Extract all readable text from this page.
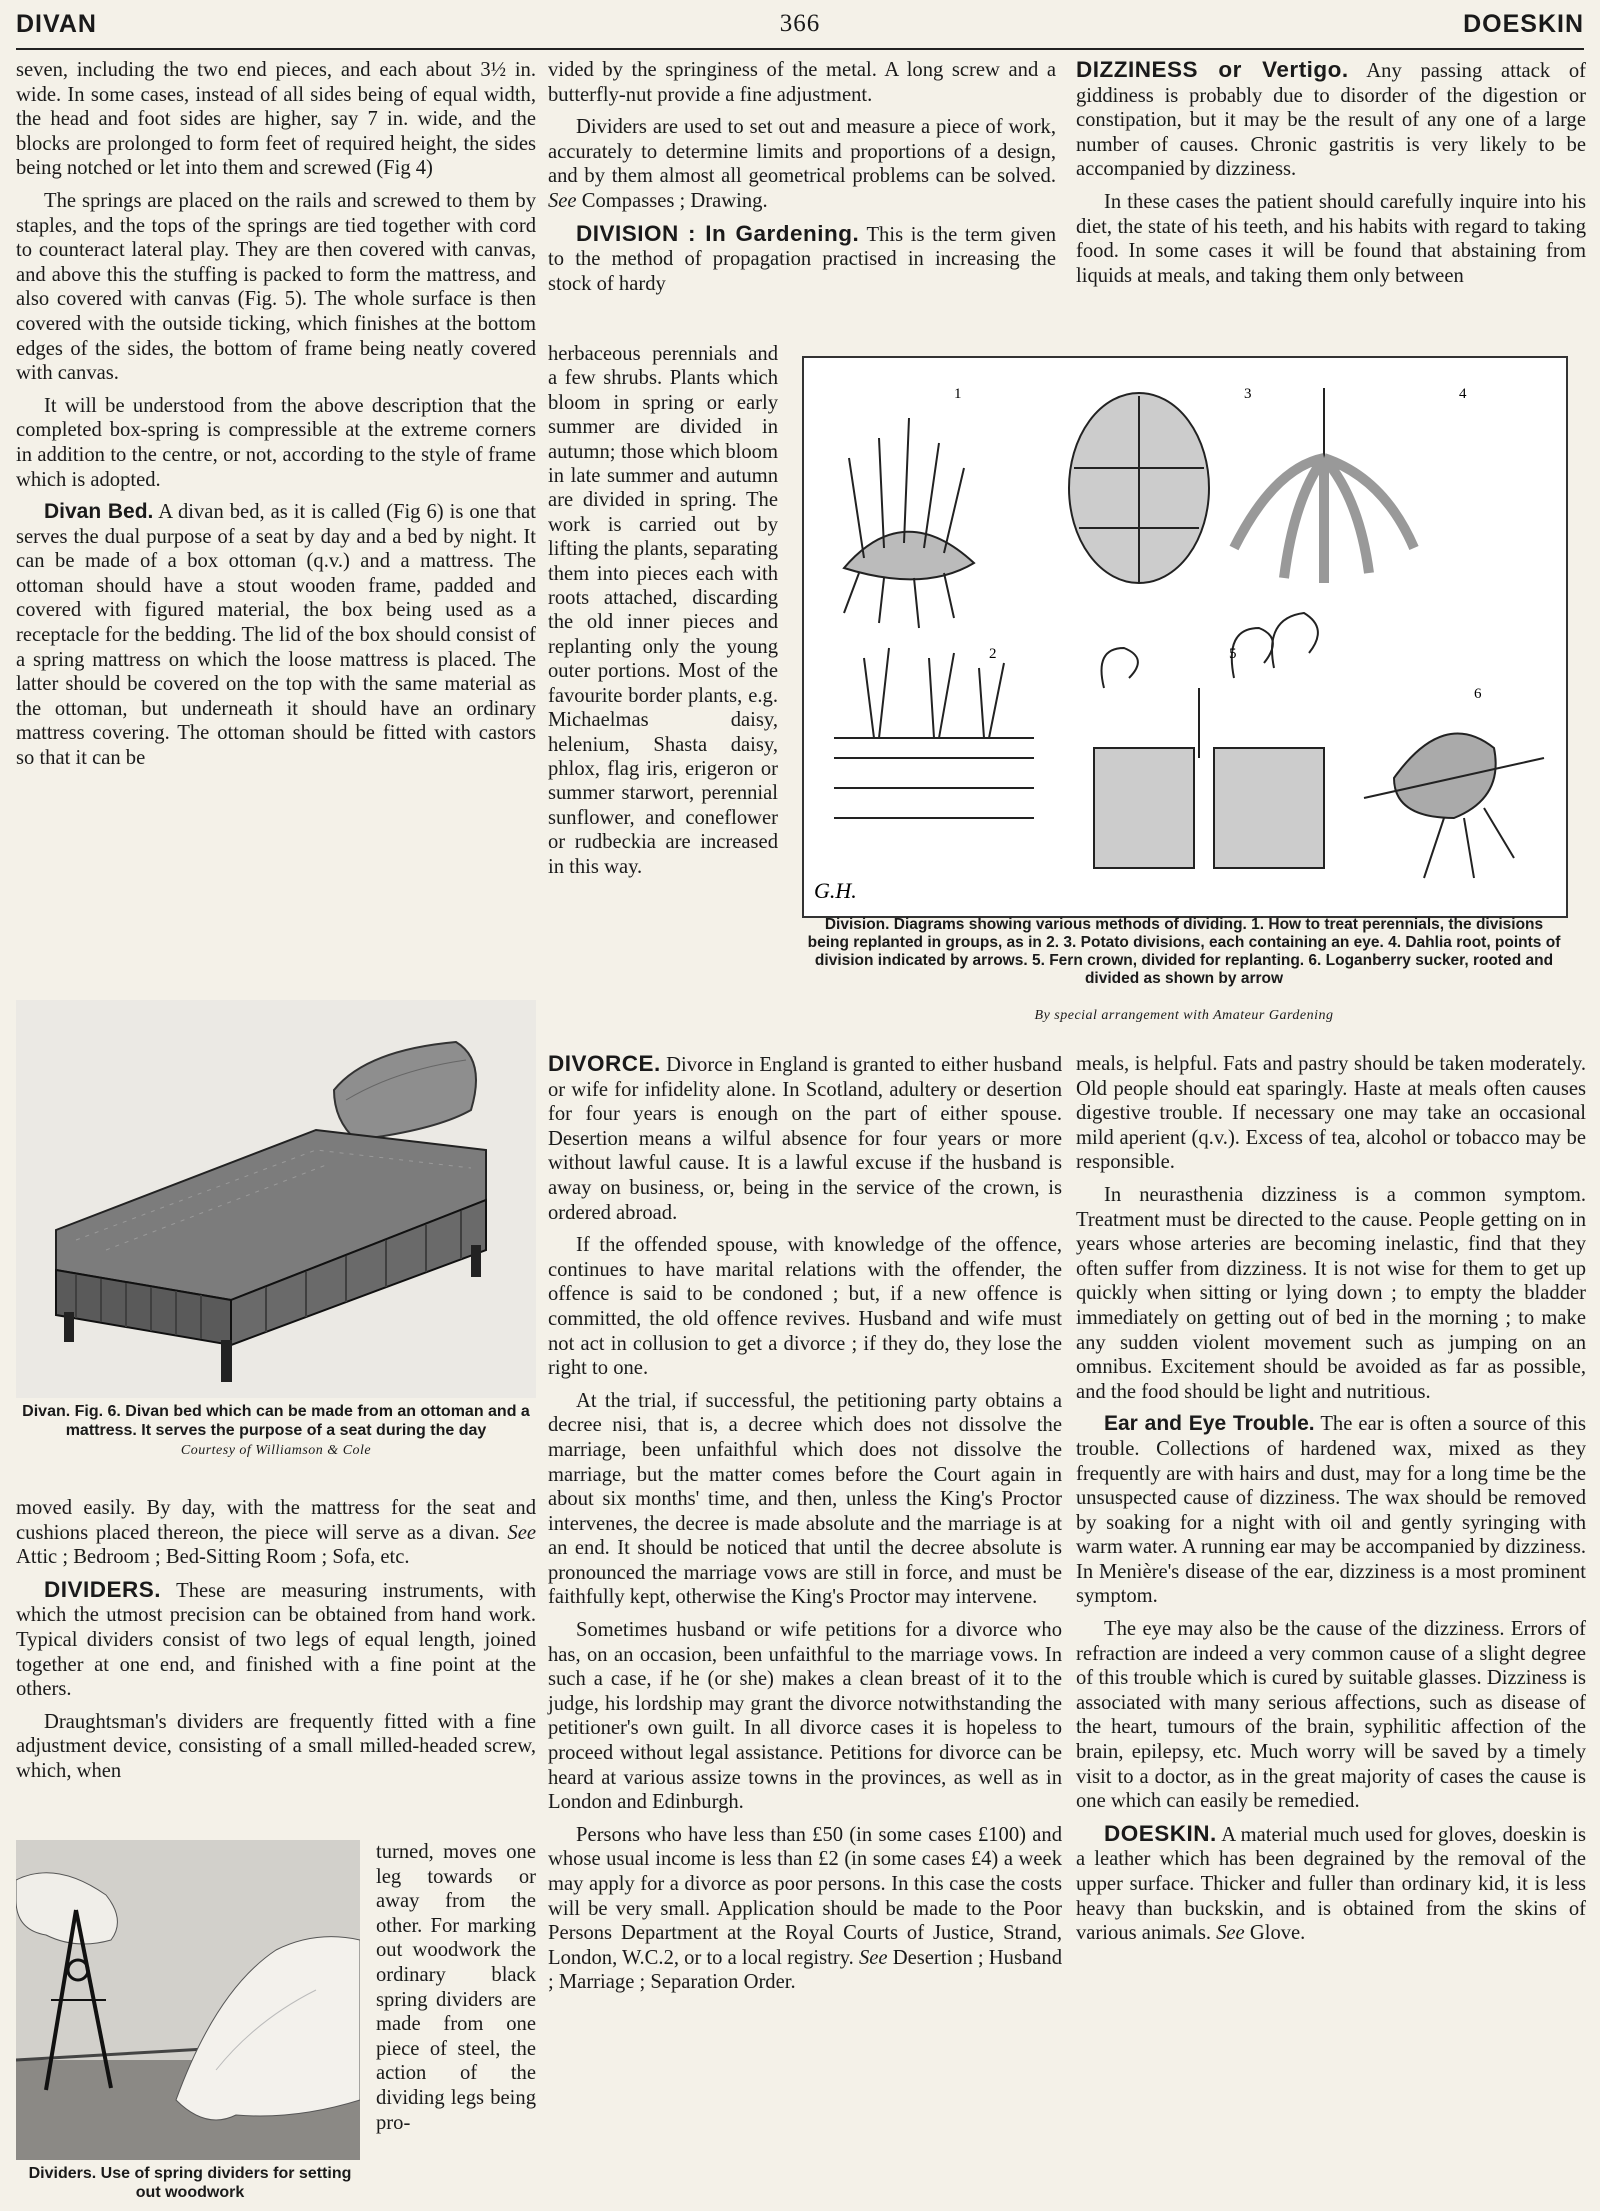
DIVAN	366	DOESKIN

seven, including the two end pieces, and each about 3½ in. wide. In some cases, instead of all sides being of equal width, the head and foot sides are higher, say 7 in. wide, and the blocks are prolonged to form feet of required height, the sides being notched or let into them and screwed (Fig 4)

The springs are placed on the rails and screwed to them by staples, and the tops of the springs are tied together with cord to counteract lateral play. They are then covered with canvas, and above this the stuffing is packed to form the mattress, and also covered with canvas (Fig. 5). The whole surface is then covered with the outside ticking, which finishes at the bottom edges of the sides, the bottom of frame being neatly covered with canvas.

It will be understood from the above description that the completed box-spring is compressible at the extreme corners in addition to the centre, or not, according to the style of frame which is adopted.

Divan Bed. A divan bed, as it is called (Fig 6) is one that serves the dual purpose of a seat by day and a bed by night. It can be made of a box ottoman (q.v.) and a mattress. The ottoman should have a stout wooden frame, padded and covered with figured material, the box being used as a receptacle for the bedding. The lid of the box should consist of a spring mattress on which the loose mattress is placed. The latter should be covered on the top with the same material as the ottoman, but underneath it should have an ordinary mattress covering. The ottoman should be fitted with castors so that it can be

Divan. Fig. 6. Divan bed which can be made from an ottoman and a mattress. It serves the purpose of a seat during the day
Courtesy of Williamson & Cole

moved easily. By day, with the mattress for the seat and cushions placed thereon, the piece will serve as a divan. See Attic ; Bedroom ; Bed-Sitting Room ; Sofa, etc.

DIVIDERS. These are measuring instruments, with which the utmost precision can be obtained from hand work. Typical dividers consist of two legs of equal length, joined together at one end, and finished with a fine point at the others.

Draughtsman's dividers are frequently fitted with a fine adjustment device, consisting of a small milled-headed screw, which, when

Dividers. Use of spring dividers for setting out woodwork

turned, moves one leg towards or away from the other. For marking out woodwork the ordinary black spring dividers are made from one piece of steel, the action of the dividing legs being pro-

vided by the springiness of the metal. A long screw and a butterfly-nut provide a fine adjustment.

Dividers are used to set out and measure a piece of work, accurately to determine limits and proportions of a design, and by them almost all geometrical problems can be solved. See Compasses ; Drawing.

DIVISION : In Gardening. This is the term given to the method of propagation practised in increasing the stock of hardy

herbaceous perennials and a few shrubs. Plants which bloom in spring or early summer are divided in autumn; those which bloom in late summer and autumn are divided in spring. The work is carried out by lifting the plants, separating them into pieces each with roots attached, discarding the old inner pieces and replanting only the young outer portions. Most of the favourite border plants, e.g. Michaelmas daisy, helenium, Shasta daisy, phlox, flag iris, erigeron or summer starwort, perennial sunflower, and coneflower or rudbeckia are increased in this way.

1
2
3	4
5
6
G.H.
Division. Diagrams showing various methods of dividing. 1. How to treat perennials, the divisions being replanted in groups, as in 2. 3. Potato divisions, each containing an eye. 4. Dahlia root, points of division indicated by arrows. 5. Fern crown, divided for replanting. 6. Loganberry sucker, rooted and divided as shown by arrow
By special arrangement with Amateur Gardening

DIVORCE. Divorce in England is granted to either husband or wife for infidelity alone. In Scotland, adultery or desertion for four years is enough on the part of either spouse. Desertion means a wilful absence for four years or more without lawful cause. It is a lawful excuse if the husband is away on business, or, being in the service of the crown, is ordered abroad.

If the offended spouse, with knowledge of the offence, continues to have marital relations with the offender, the offence is said to be condoned ; but, if a new offence is committed, the old offence revives. Husband and wife must not act in collusion to get a divorce ; if they do, they lose the right to one.

At the trial, if successful, the petitioning party obtains a decree nisi, that is, a decree which does not dissolve the marriage, been unfaithful which does not dissolve the marriage, but the matter comes before the Court again in about six months' time, and then, unless the King's Proctor intervenes, the decree is made absolute and the marriage is at an end. It should be noticed that until the decree absolute is pronounced the marriage vows are still in force, and must be faithfully kept, otherwise the King's Proctor may intervene.

Sometimes husband or wife petitions for a divorce who has, on an occasion, been unfaithful to the marriage vows. In such a case, if he (or she) makes a clean breast of it to the judge, his lordship may grant the divorce notwithstanding the petitioner's own guilt. In all divorce cases it is hopeless to proceed without legal assistance. Petitions for divorce can be heard at various assize towns in the provinces, as well as in London and Edinburgh.

Persons who have less than £50 (in some cases £100) and whose usual income is less than £2 (in some cases £4) a week may apply for a divorce as poor persons. In this case the costs will be very small. Application should be made to the Poor Persons Department at the Royal Courts of Justice, Strand, London, W.C.2, or to a local registry. See Desertion ; Husband ; Marriage ; Separation Order.

DIZZINESS or Vertigo. Any passing attack of giddiness is probably due to disorder of the digestion or constipation, but it may be the result of any one of a large number of causes. Chronic gastritis is very likely to be accompanied by dizziness.

In these cases the patient should carefully inquire into his diet, the state of his teeth, and his habits with regard to taking food. In some cases it will be found that abstaining from liquids at meals, and taking them only between

meals, is helpful. Fats and pastry should be taken moderately. Old people should eat sparingly. Haste at meals often causes digestive trouble. If necessary one may take an occasional mild aperient (q.v.). Excess of tea, alcohol or tobacco may be responsible.

In neurasthenia dizziness is a common symptom. Treatment must be directed to the cause. People getting on in years whose arteries are becoming inelastic, find that they often suffer from dizziness. It is not wise for them to get up quickly when sitting or lying down ; to empty the bladder immediately on getting out of bed in the morning ; to make any sudden violent movement such as jumping on an omnibus. Excitement should be avoided as far as possible, and the food should be light and nutritious.

Ear and Eye Trouble. The ear is often a source of this trouble. Collections of hardened wax, mixed as they frequently are with hairs and dust, may for a long time be the unsuspected cause of dizziness. The wax should be removed by soaking for a night with oil and gently syringing with warm water. A running ear may be accompanied by dizziness. In Menière's disease of the ear, dizziness is a most prominent symptom.

The eye may also be the cause of the dizziness. Errors of refraction are indeed a very common cause of a slight degree of this trouble which is cured by suitable glasses. Dizziness is associated with many serious affections, such as disease of the heart, tumours of the brain, syphilitic affection of the brain, epilepsy, etc. Much worry will be saved by a timely visit to a doctor, as in the great majority of cases the cause is one which can easily be remedied.

DOESKIN. A material much used for gloves, doeskin is a leather which has been degrained by the removal of the upper surface. Thicker and fuller than ordinary kid, it is less heavy than buckskin, and is obtained from the skins of various animals. See Glove.
